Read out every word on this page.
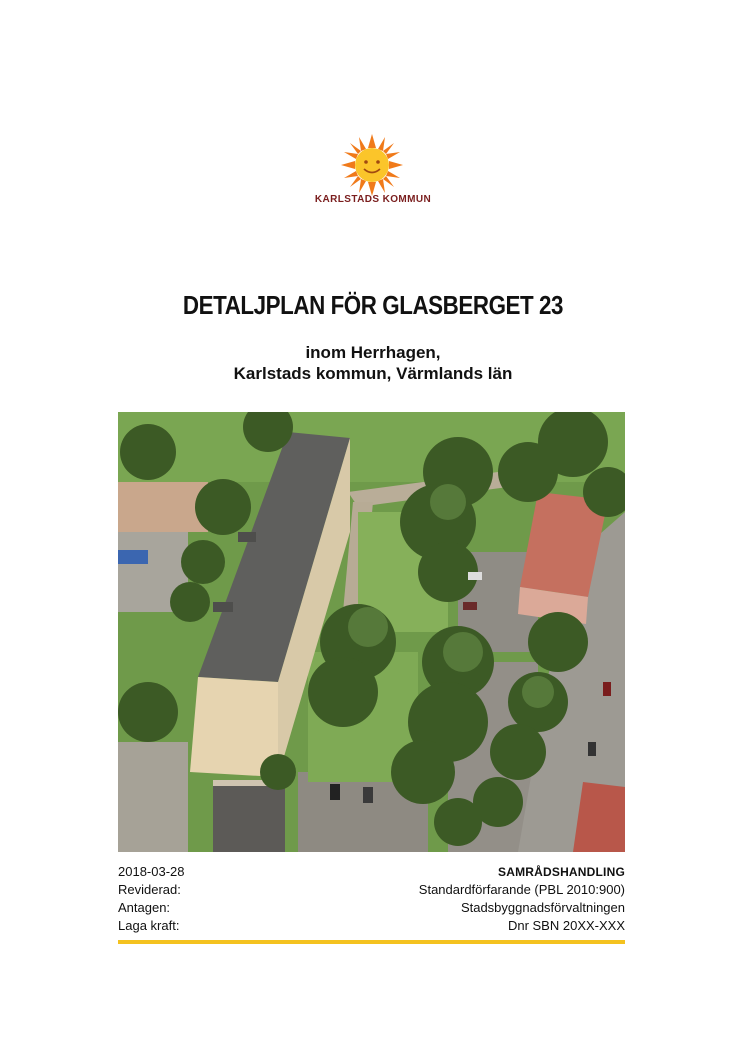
KARLSTADS KOMMUN
DETALJPLAN FÖR GLASBERGET 23
inom Herrhagen,
Karlstads kommun, Värmlands län
2018-03-28
Reviderad:
Antagen:
Laga kraft:
SAMRÅDSHANDLING
Standardförfarande (PBL 2010:900)
Stadsbyggnadsförvaltningen
Dnr SBN 20XX-XXX
